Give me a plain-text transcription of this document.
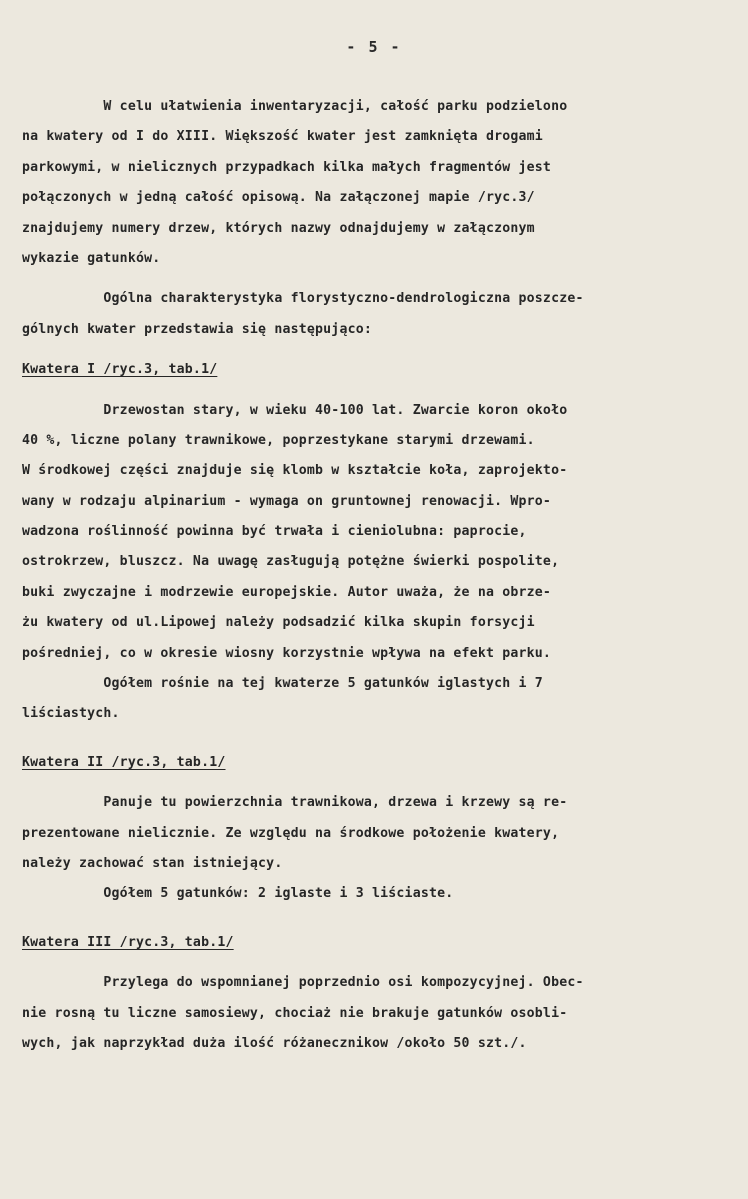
- 5 -
W celu ułatwienia inwentaryzacji, całość parku podzielono
na kwatery od I do XIII. Większość kwater jest zamknięta drogami
parkowymi, w nielicznych przypadkach kilka małych fragmentów jest
połączonych w jedną całość opisową. Na załączonej mapie /ryc.3/
znajdujemy numery drzew, których nazwy odnajdujemy w załączonym
wykazie gatunków.
Ogólna charakterystyka florystyczno-dendrologiczna poszcze-
gólnych kwater przedstawia się następująco:
Kwatera I /ryc.3, tab.1/
Drzewostan stary, w wieku 40-100 lat. Zwarcie koron około
40 %, liczne polany trawnikowe, poprzestykane starymi drzewami.
W środkowej części znajduje się klomb w kształcie koła, zaprojekto-
wany w rodzaju alpinarium - wymaga on gruntownej renowacji. Wpro-
wadzona roślinność powinna być trwała i cieniolubna: paprocie,
ostrokrzew, bluszcz. Na uwagę zasługują potężne świerki pospolite,
buki zwyczajne i modrzewie europejskie. Autor uważa, że na obrze-
żu kwatery od ul.Lipowej należy podsadzić kilka skupin forsycji
pośredniej, co w okresie wiosny korzystnie wpływa na efekt parku.
Ogółem rośnie na tej kwaterze 5 gatunków iglastych i 7
liściastych.
Kwatera II /ryc.3, tab.1/
Panuje tu powierzchnia trawnikowa, drzewa i krzewy są re-
prezentowane nielicznie. Ze względu na środkowe położenie kwatery,
należy zachować stan istniejący.
Ogółem 5 gatunków: 2 iglaste i 3 liściaste.
Kwatera III /ryc.3, tab.1/
Przylega do wspomnianej poprzednio osi kompozycyjnej. Obec-
nie rosną tu liczne samosiewy, chociaż nie brakuje gatunków osobli-
wych, jak naprzykład duża ilość różanecznikow /około 50 szt./.
